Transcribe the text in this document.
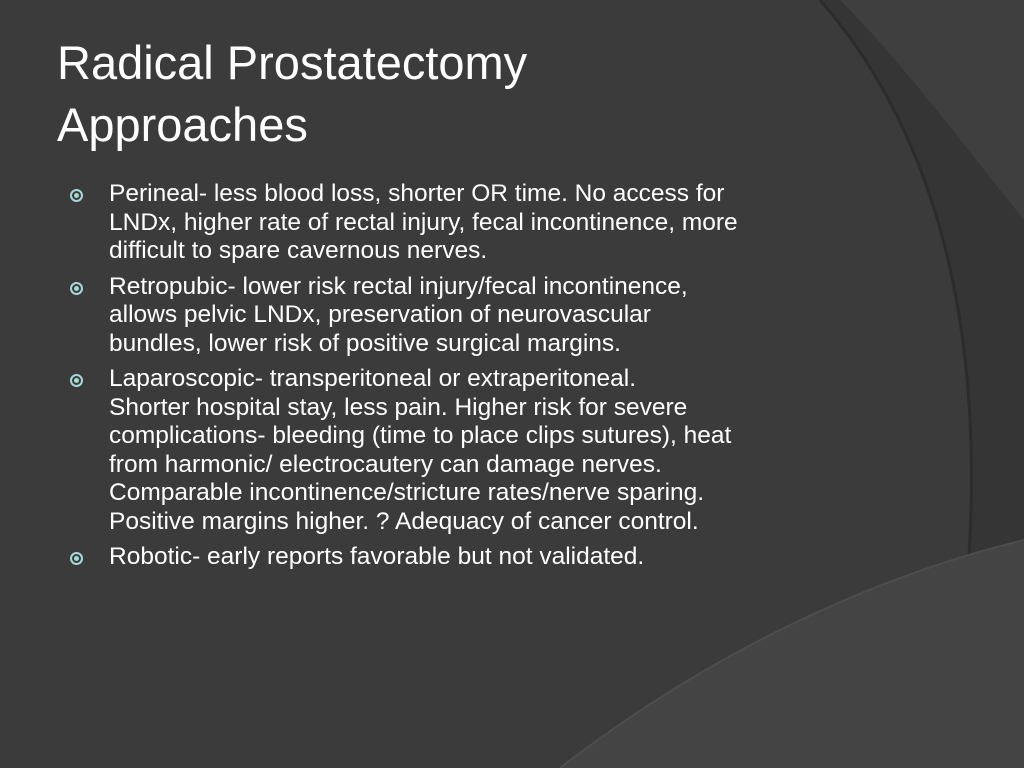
Radical Prostatectomy
Approaches
Perineal- less blood loss, shorter OR time. No access for
LNDx, higher rate of rectal injury, fecal incontinence, more
difficult to spare cavernous nerves.
Retropubic- lower risk rectal injury/fecal incontinence,
allows pelvic LNDx, preservation of neurovascular
bundles, lower risk of positive surgical margins.
Laparoscopic- transperitoneal or extraperitoneal.
Shorter hospital stay, less pain. Higher risk for severe
complications- bleeding (time to place clips sutures), heat
from harmonic/ electrocautery can damage nerves.
Comparable incontinence/stricture rates/nerve sparing.
Positive margins higher. ? Adequacy of cancer control.
Robotic- early reports favorable but not validated.
